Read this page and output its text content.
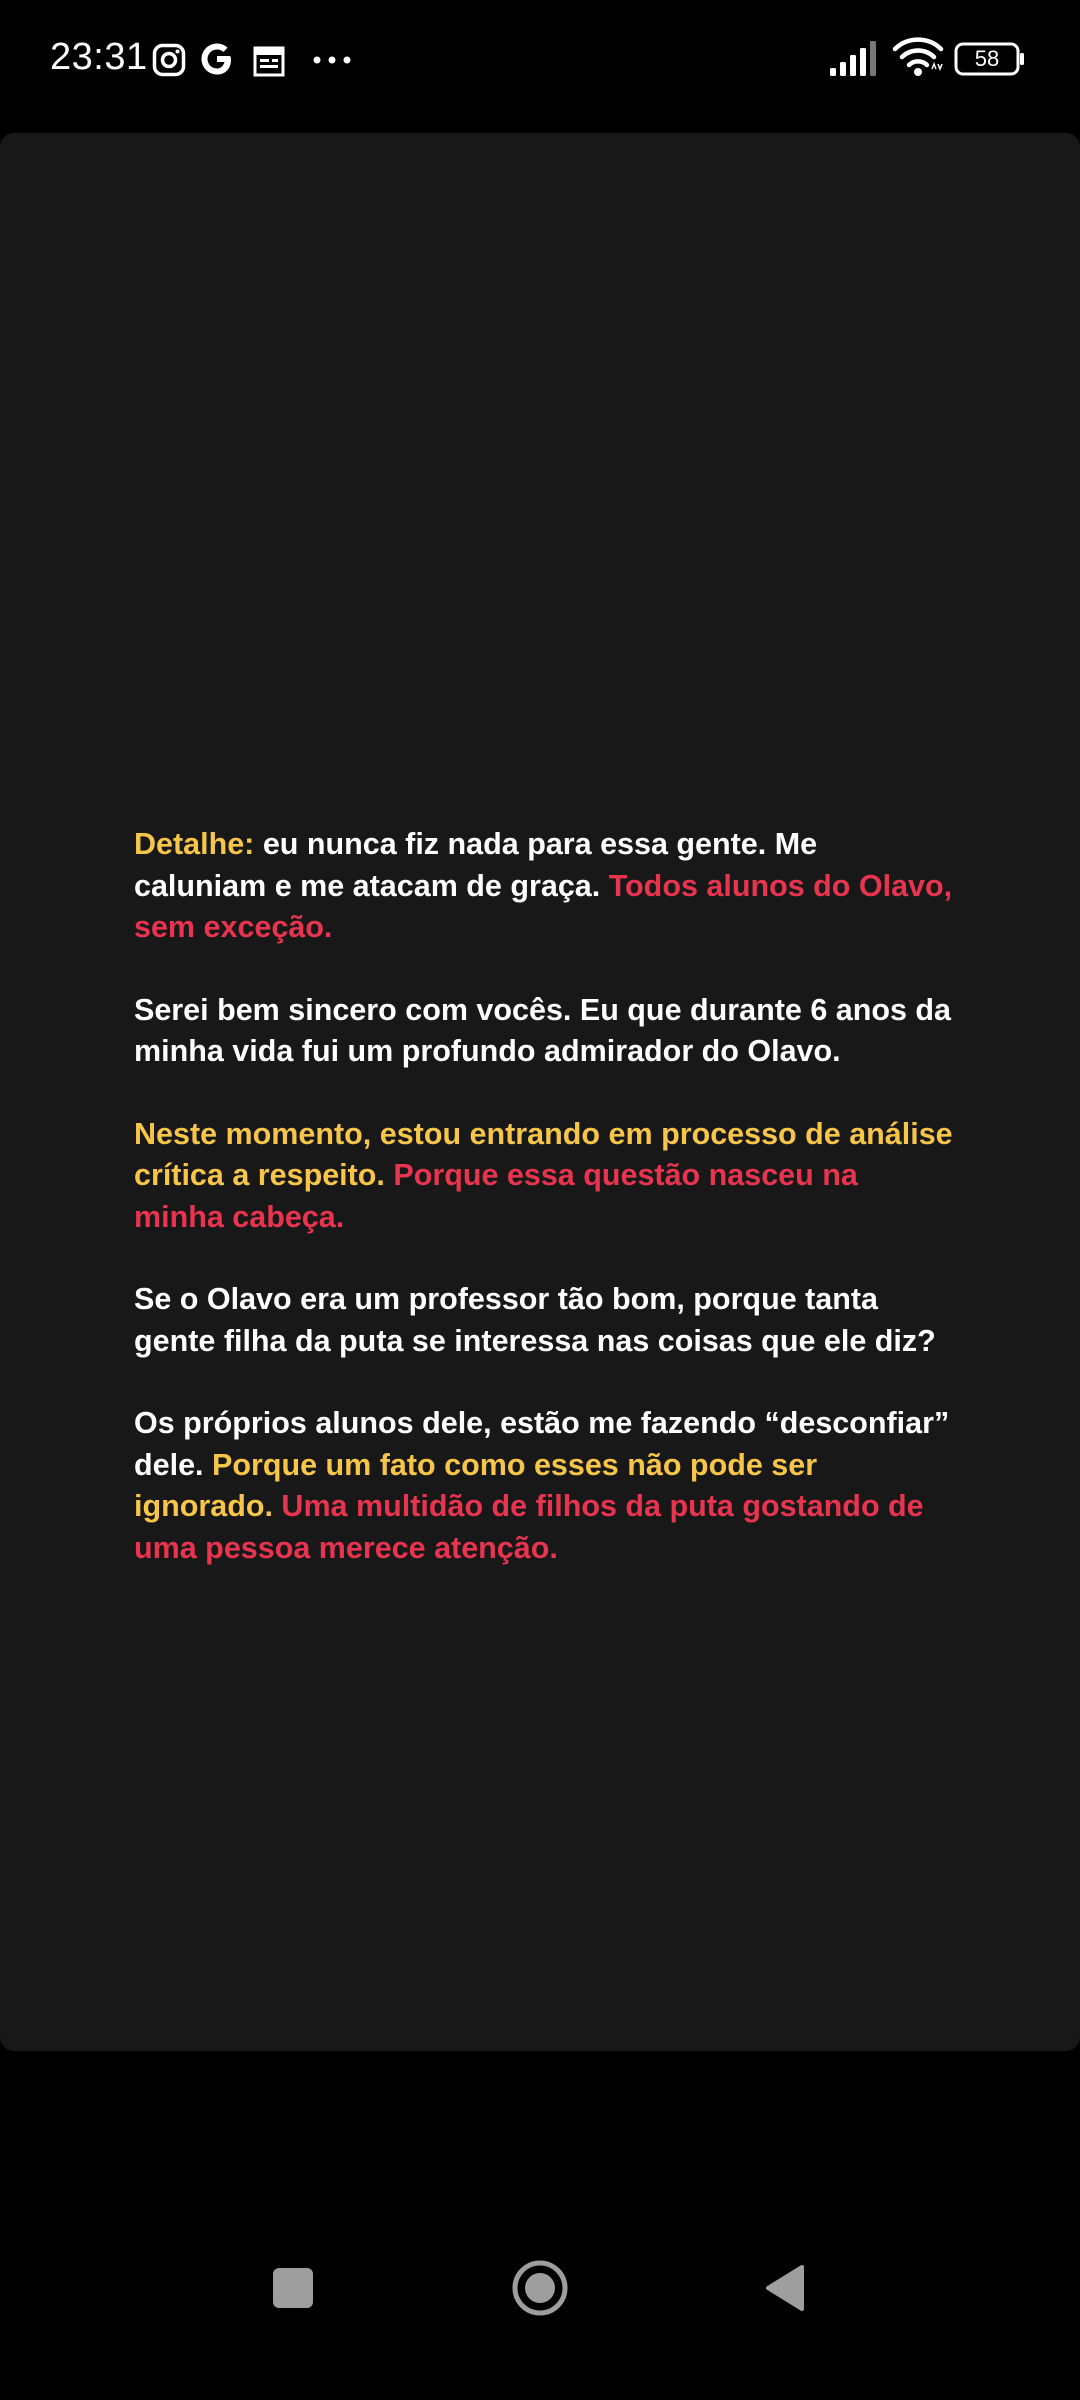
23:31	58

Detalhe: eu nunca fiz nada para essa gente. Me caluniam e me atacam de graça. Todos alunos do Olavo, sem exceção.

Serei bem sincero com vocês. Eu que durante 6 anos da minha vida fui um profundo admirador do Olavo.

Neste momento, estou entrando em processo de análise crítica a respeito. Porque essa questão nasceu na minha cabeça.

Se o Olavo era um professor tão bom, porque tanta gente filha da puta se interessa nas coisas que ele diz?

Os próprios alunos dele, estão me fazendo “desconfiar” dele. Porque um fato como esses não pode ser ignorado. Uma multidão de filhos da puta gostando de uma pessoa merece atenção.
